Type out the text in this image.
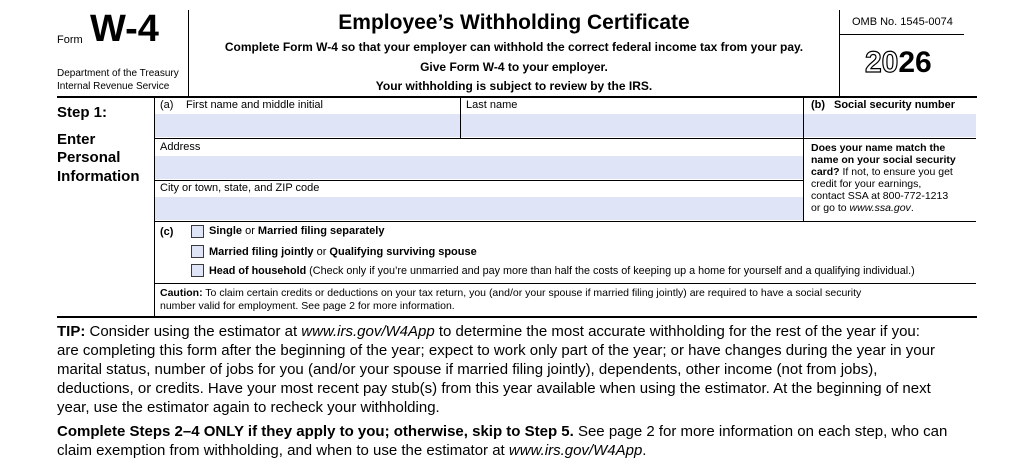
Form W-4
Department of the Treasury
Internal Revenue Service
Employee’s Withholding Certificate
Complete Form W-4 so that your employer can withhold the correct federal income tax from your pay.
Give Form W-4 to your employer.
Your withholding is subject to review by the IRS.
OMB No. 1545-0074
2026
Step 1:
Enter
Personal
Information
(a) First name and middle initial	Last name	(b) Social security number
Address
City or town, state, and ZIP code
Does your name match the
name on your social security
card? If not, to ensure you get
credit for your earnings,
contact SSA at 800-772-1213
or go to www.ssa.gov.
(c)	Single or Married filing separately
Married filing jointly or Qualifying surviving spouse
Head of household (Check only if you’re unmarried and pay more than half the costs of keeping up a home for yourself and a qualifying individual.)
Caution: To claim certain credits or deductions on your tax return, you (and/or your spouse if married filing jointly) are required to have a social security
number valid for employment. See page 2 for more information.
TIP: Consider using the estimator at www.irs.gov/W4App to determine the most accurate withholding for the rest of the year if you:
are completing this form after the beginning of the year; expect to work only part of the year; or have changes during the year in your
marital status, number of jobs for you (and/or your spouse if married filing jointly), dependents, other income (not from jobs),
deductions, or credits. Have your most recent pay stub(s) from this year available when using the estimator. At the beginning of next
year, use the estimator again to recheck your withholding.
Complete Steps 2–4 ONLY if they apply to you; otherwise, skip to Step 5. See page 2 for more information on each step, who can
claim exemption from withholding, and when to use the estimator at www.irs.gov/W4App.
